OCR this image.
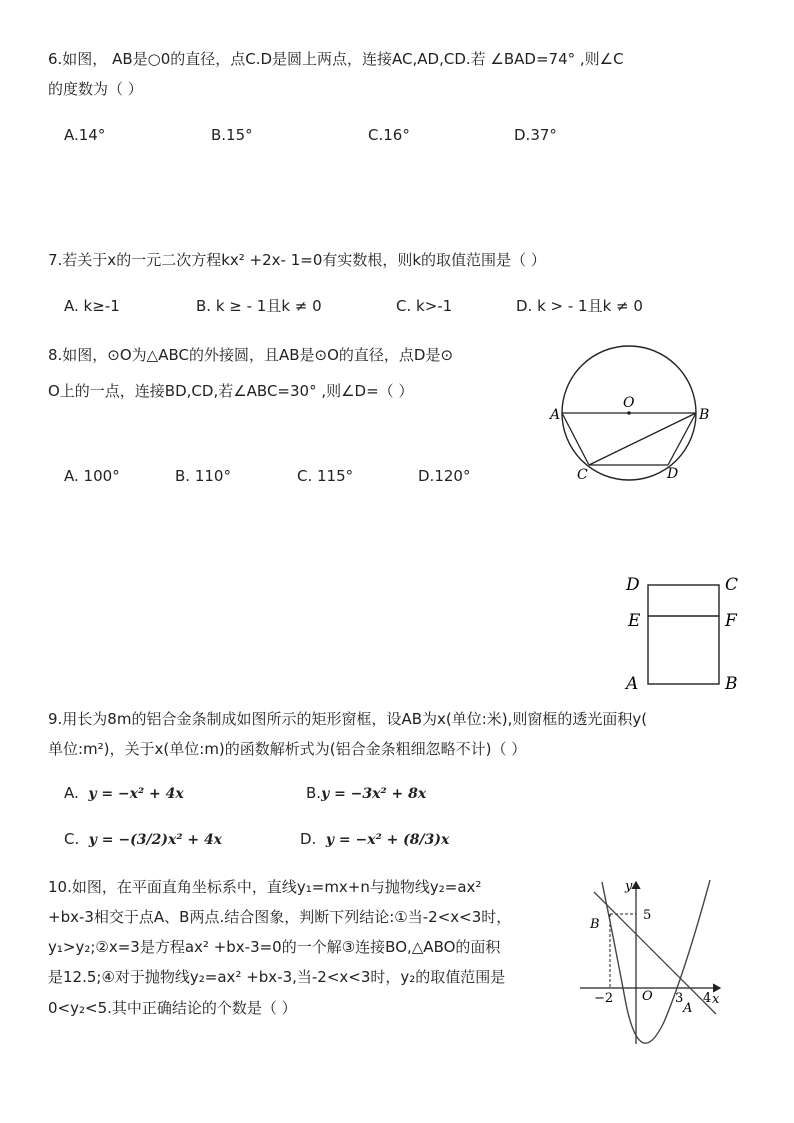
6.如图， AB是○0的直径，点C.D是圆上两点，连接AC,AD,CD.若 ∠BAD=74° ,则∠C
的度数为（ ）
A.14°	B.15°	C.16°	D.37°
7.若关于x的一元二次方程kx² +2x- 1=0有实数根，则k的取值范围是（ ）
A. k≥-1	B. k ≥ - 1且k ≠ 0	C. k>-1	D. k > - 1且k ≠ 0
8.如图，⊙O为△ABC的外接圆，且AB是⊙O的直径，点D是⊙
O上的一点，连接BD,CD,若∠ABC=30° ,则∠D=（ ）
A. 100°	B. 110°	C. 115°	D.120°
O
A	B
C	D
D	C
E	F
A	B
9.用长为8m的铝合金条制成如图所示的矩形窗框，设AB为x(单位:米),则窗框的透光面积y(
单位:m²)，关于x(单位:m)的函数解析式为(铝合金条粗细忽略不计)（ ）
A. y = −x² + 4x	B.y = −3x² + 8x
C. y = −(3/2)x² + 4x	D. y = −x² + (8/3)x
10.如图，在平面直角坐标系中，直线y₁=mx+n与抛物线y₂=ax²
+bx-3相交于点A、B两点.结合图象，判断下列结论:①当-2<x<3时，
y₁>y₂;②x=3是方程ax² +bx-3=0的一个解③连接BO,△ABO的面积
是12.5;④对于抛物线y₂=ax² +bx-3,当-2<x<3时，y₂的取值范围是
0<y₂<5.其中正确结论的个数是（ ）
y
x
O
B
A
5
−2	3 4
